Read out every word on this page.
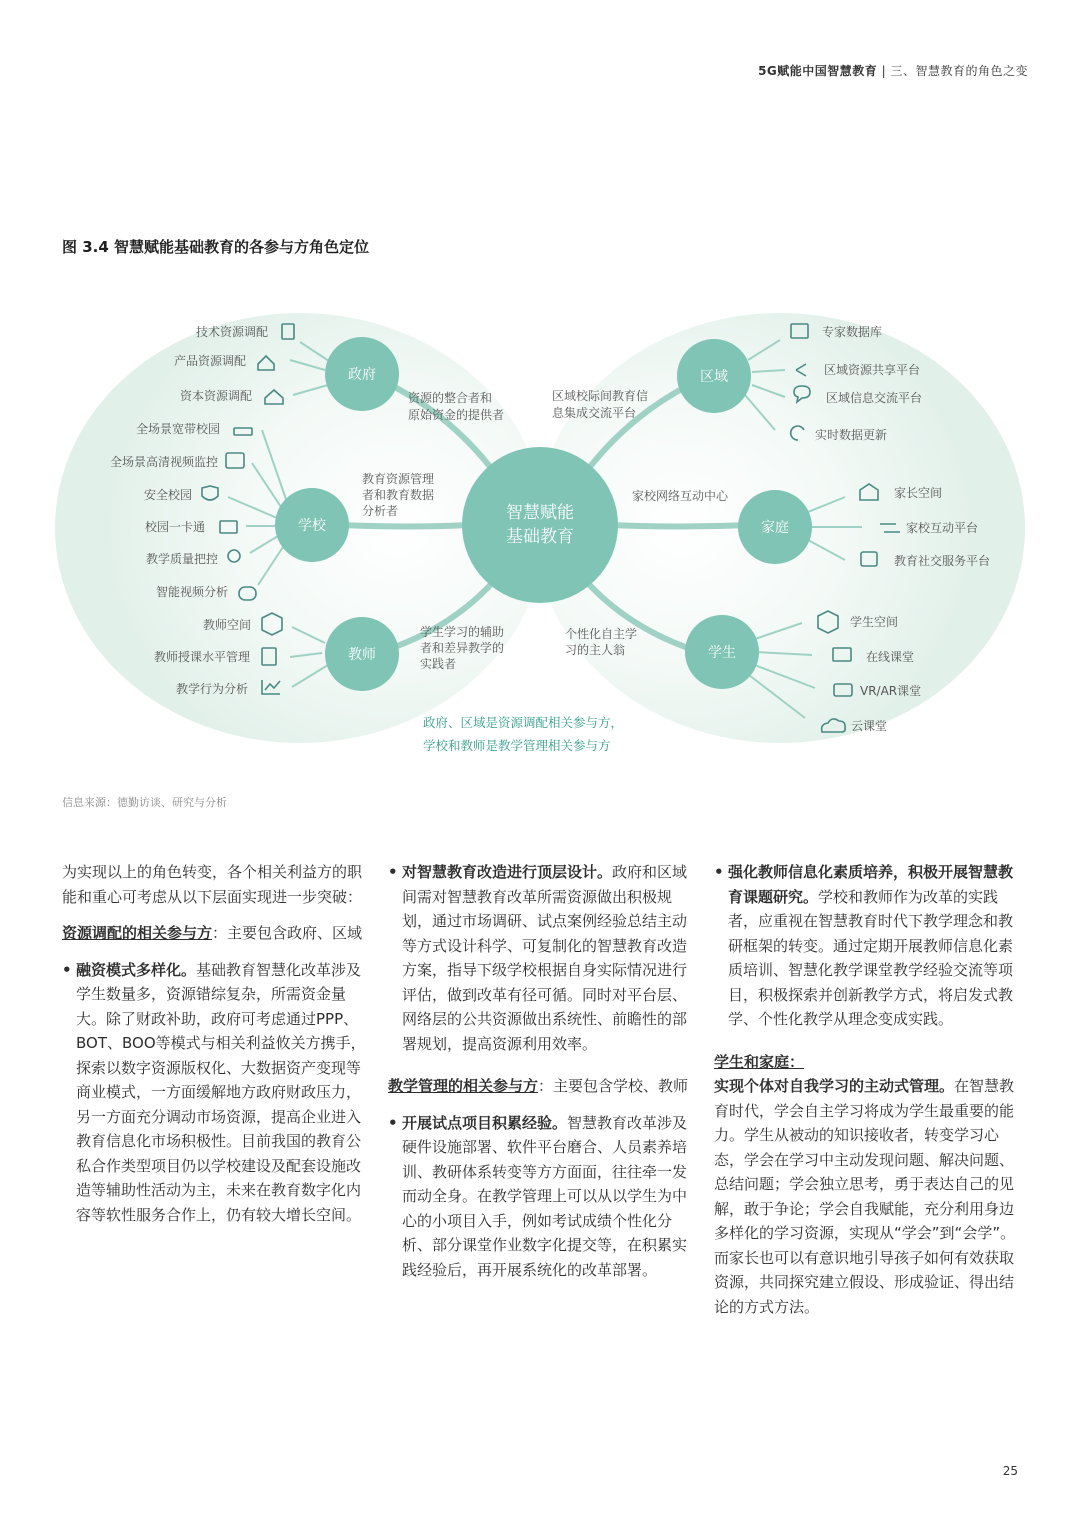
5G赋能中国智慧教育 | 三、智慧教育的角色之变
图 3.4 智慧赋能基础教育的各参与方角色定位
智慧赋能
基础教育
政府	区域
学校	家庭
教师	学生
资源的整合者和
原始资金的提供者
区域校际间教育信
息集成交流平台
教育资源管理
者和教育数据
分析者
家校网络互动中心
学生学习的辅助
者和差异教学的
实践者
个性化自主学
习的主人翁
技术资源调配
产品资源调配
资本资源调配
全场景宽带校园
全场景高清视频监控
安全校园
校园一卡通
教学质量把控
智能视频分析
教师空间
教师授课水平管理
教学行为分析
专家数据库
区域资源共享平台
区域信息交流平台
实时数据更新
家长空间
家校互动平台
教育社交服务平台
学生空间
在线课堂
VR/AR课堂
云课堂
政府、区域是资源调配相关参与方，
学校和教师是教学管理相关参与方
信息来源：德勤访谈、研究与分析

为实现以上的角色转变，各个相关利益方的职能和重心可考虑从以下层面实现进一步突破：

资源调配的相关参与方：主要包含政府、区域

• 融资模式多样化。基础教育智慧化改革涉及学生数量多，资源错综复杂，所需资金量大。除了财政补助，政府可考虑通过PPP、BOT、BOO等模式与相关利益攸关方携手，探索以数字资源版权化、大数据资产变现等商业模式，一方面缓解地方政府财政压力，另一方面充分调动市场资源，提高企业进入教育信息化市场积极性。目前我国的教育公私合作类型项目仍以学校建设及配套设施改造等辅助性活动为主，未来在教育数字化内容等软性服务合作上，仍有较大增长空间。
• 对智慧教育改造进行顶层设计。政府和区域间需对智慧教育改革所需资源做出积极规划，通过市场调研、试点案例经验总结主动等方式设计科学、可复制化的智慧教育改造方案，指导下级学校根据自身实际情况进行评估，做到改革有径可循。同时对平台层、网络层的公共资源做出系统性、前瞻性的部署规划，提高资源利用效率。

教学管理的相关参与方：主要包含学校、教师

• 开展试点项目积累经验。智慧教育改革涉及硬件设施部署、软件平台磨合、人员素养培训、教研体系转变等方方面面，往往牵一发而动全身。在教学管理上可以从以学生为中心的小项目入手，例如考试成绩个性化分析、部分课堂作业数字化提交等，在积累实践经验后，再开展系统化的改革部署。
• 强化教师信息化素质培养，积极开展智慧教育课题研究。学校和教师作为改革的实践者，应重视在智慧教育时代下教学理念和教研框架的转变。通过定期开展教师信息化素质培训、智慧化教学课堂教学经验交流等项目，积极探索并创新教学方式，将启发式教学、个性化教学从理念变成实践。

学生和家庭：
实现个体对自我学习的主动式管理。在智慧教育时代，学会自主学习将成为学生最重要的能力。学生从被动的知识接收者，转变学习心态，学会在学习中主动发现问题、解决问题、总结问题；学会独立思考，勇于表达自己的见解，敢于争论；学会自我赋能，充分利用身边多样化的学习资源，实现从“学会”到“会学”。而家长也可以有意识地引导孩子如何有效获取资源，共同探究建立假设、形成验证、得出结论的方式方法。

25
